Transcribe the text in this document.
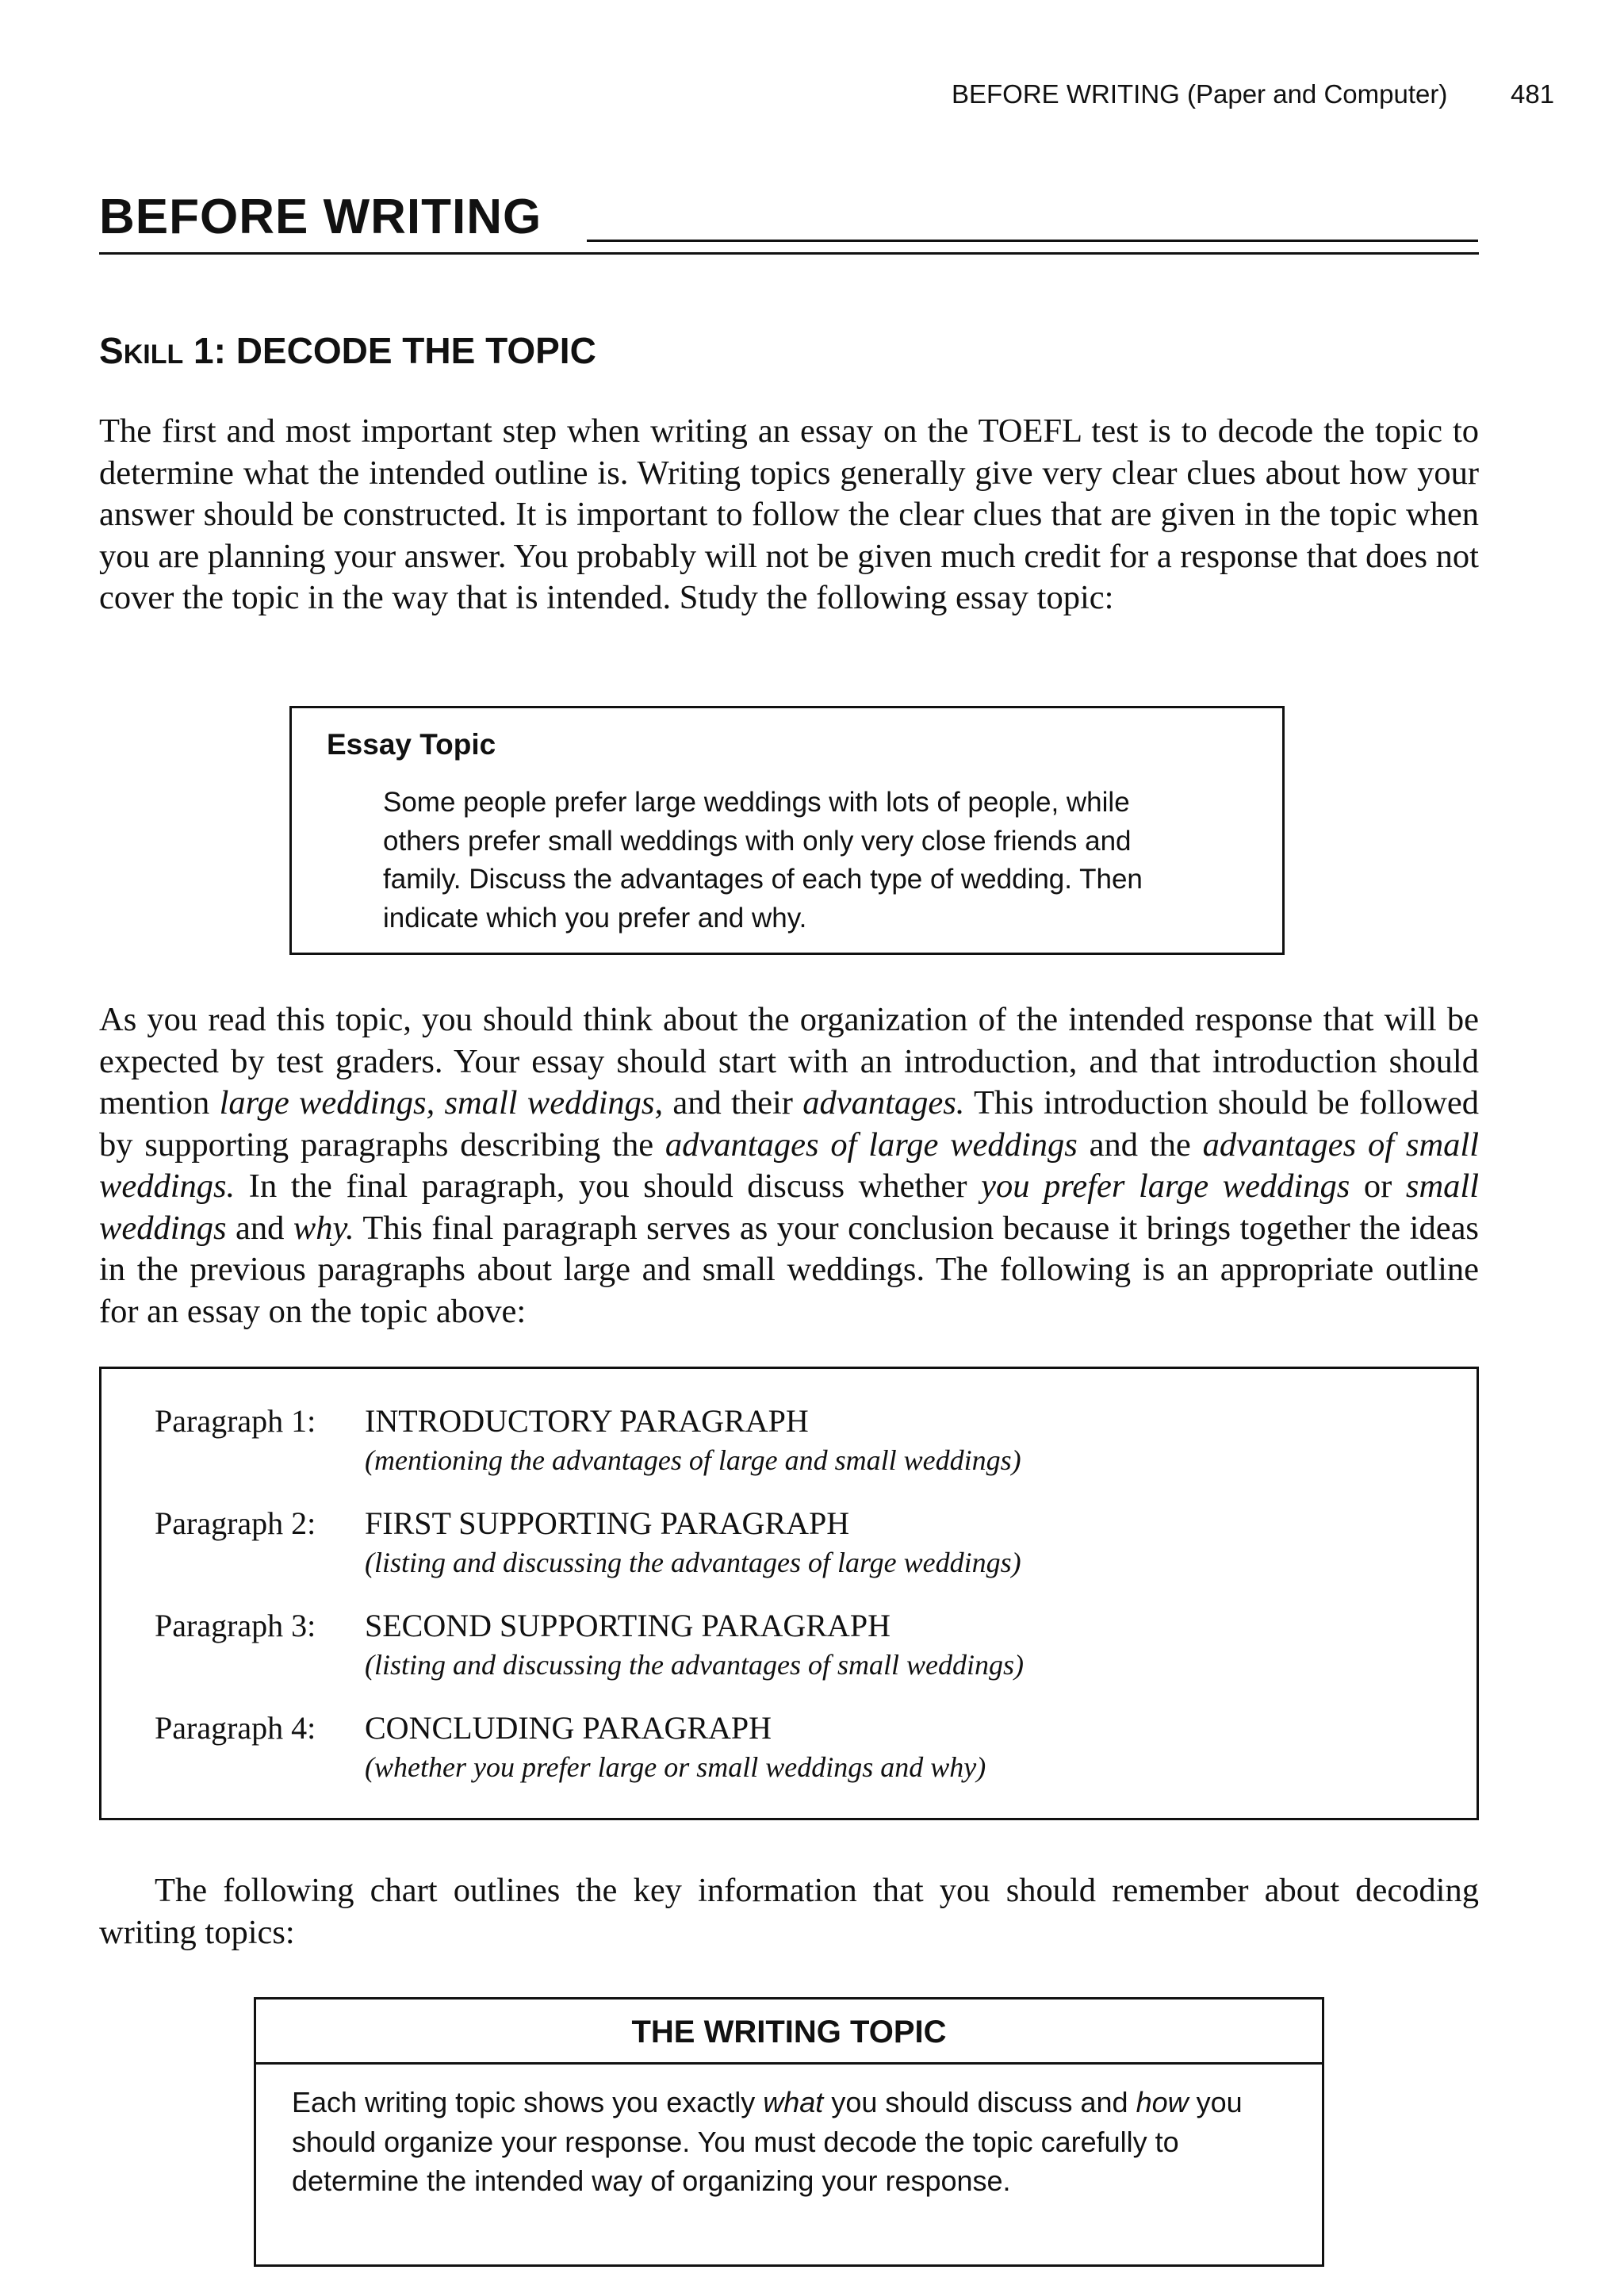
BEFORE WRITING (Paper and Computer) 481
BEFORE WRITING
SKILL 1: DECODE THE TOPIC

The first and most important step when writing an essay on the TOEFL test is to decode the topic to determine what the intended outline is. Writing topics generally give very clear clues about how your answer should be constructed. It is important to follow the clear clues that are given in the topic when you are planning your answer. You probably will not be given much credit for a response that does not cover the topic in the way that is intended. Study the following essay topic:

Essay Topic
Some people prefer large weddings with lots of people, while others prefer small weddings with only very close friends and family. Discuss the advantages of each type of wedding. Then indicate which you prefer and why.

As you read this topic, you should think about the organization of the intended response that will be expected by test graders. Your essay should start with an introduction, and that introduction should mention large weddings, small weddings, and their advantages. This introduction should be followed by supporting paragraphs describing the advantages of large weddings and the advantages of small weddings. In the final paragraph, you should discuss whether you prefer large weddings or small weddings and why. This final paragraph serves as your conclusion because it brings together the ideas in the previous paragraphs about large and small weddings. The following is an appropriate outline for an essay on the topic above:

Paragraph 1: INTRODUCTORY PARAGRAPH
(mentioning the advantages of large and small weddings)
Paragraph 2: FIRST SUPPORTING PARAGRAPH
(listing and discussing the advantages of large weddings)
Paragraph 3: SECOND SUPPORTING PARAGRAPH
(listing and discussing the advantages of small weddings)
Paragraph 4: CONCLUDING PARAGRAPH
(whether you prefer large or small weddings and why)

The following chart outlines the key information that you should remember about decoding writing topics:

THE WRITING TOPIC
Each writing topic shows you exactly what you should discuss and how you should organize your response. You must decode the topic carefully to determine the intended way of organizing your response.
